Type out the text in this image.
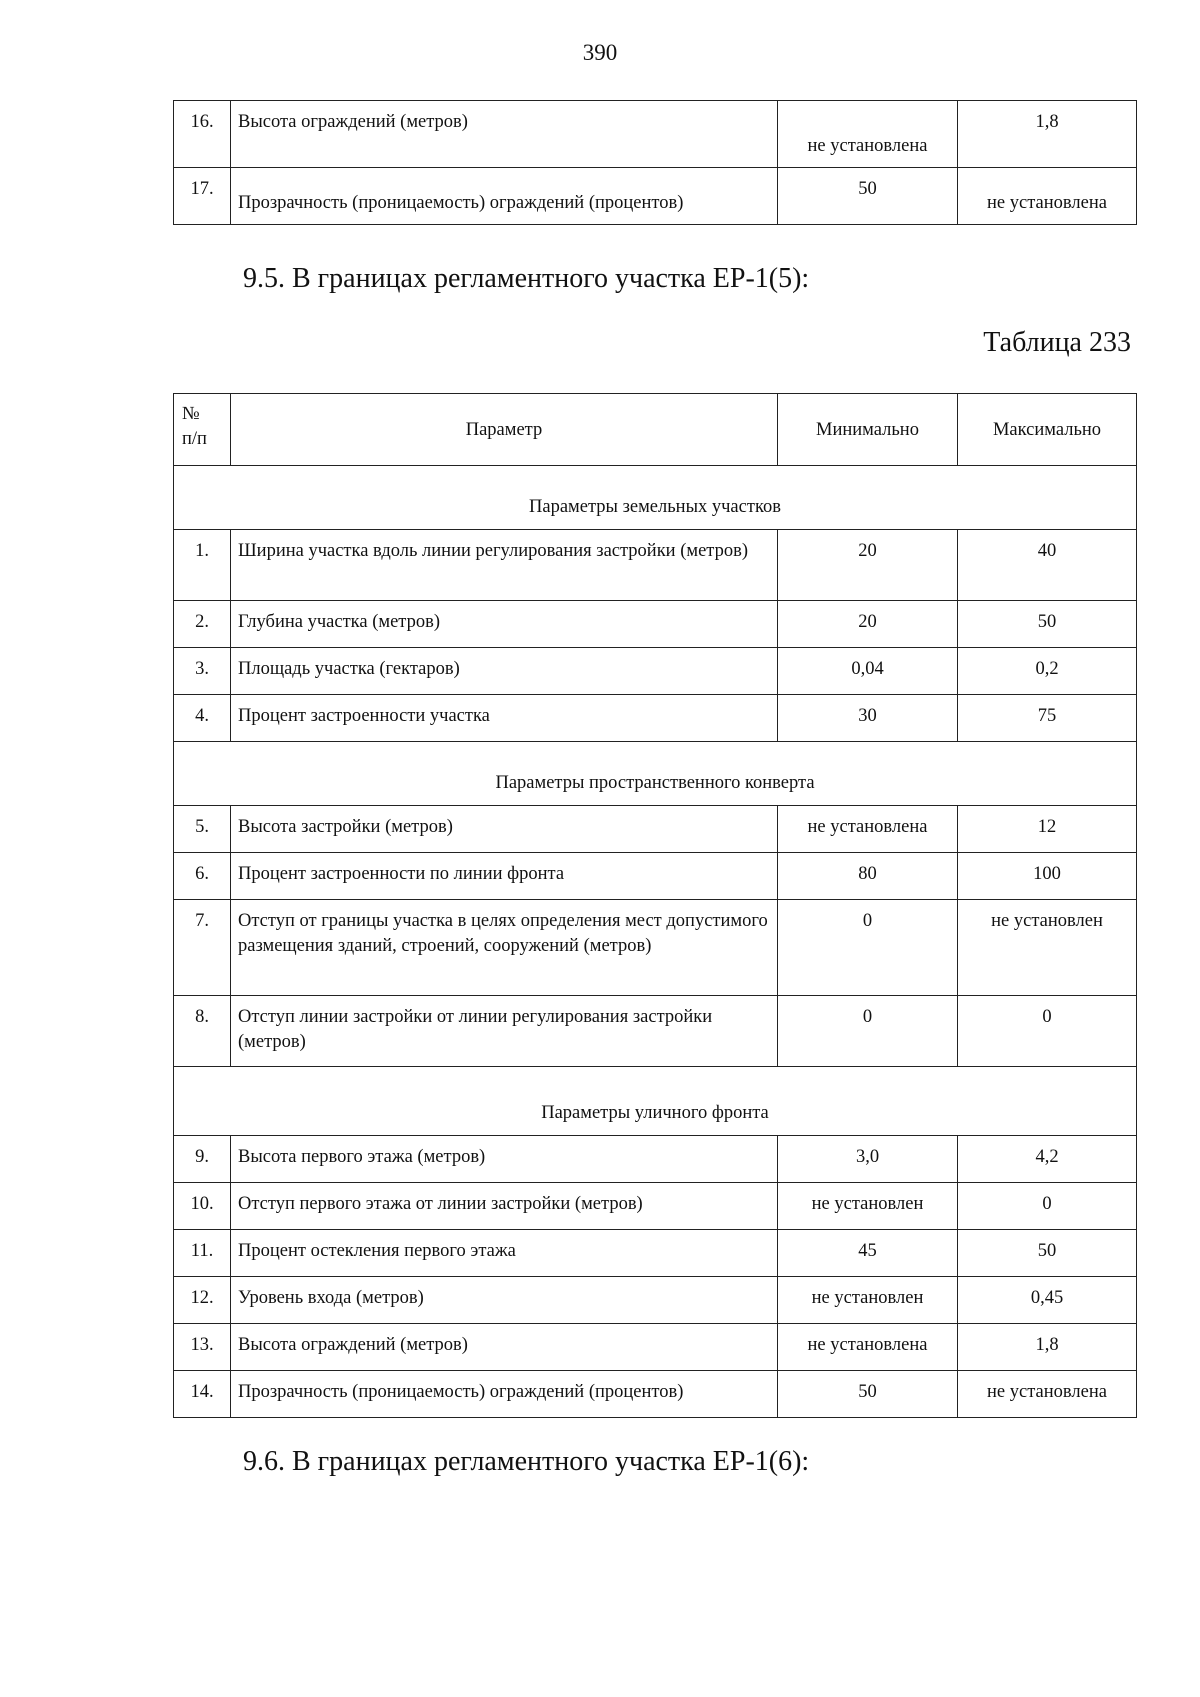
390
16.	Высота ограждений (метров)	не установлена	1,8
17.	Прозрачность (проницаемость) ограждений (процентов)	50	не установлена
9.5. В границах регламентного участка ЕР-1(5):
Таблица 233
№
п/п	Параметр	Минимально	Максимально
Параметры земельных участков			
1.	Ширина участка вдоль линии регулирования застройки (метров)	20	40
2.	Глубина участка (метров)	20	50
3.	Площадь участка (гектаров)	0,04	0,2
4.	Процент застроенности участка	30	75
Параметры пространственного конверта			
5.	Высота застройки (метров)	не установлена	12
6.	Процент застроенности по линии фронта	80	100
7.	Отступ от границы участка в целях определения мест допустимого размещения зданий, строений, сооружений (метров)	0	не установлен
8.	Отступ линии застройки от линии регулирования застройки (метров)	0	0
Параметры уличного фронта			
9.	Высота первого этажа (метров)	3,0	4,2
10.	Отступ первого этажа от линии застройки (метров)	не установлен	0
11.	Процент остекления первого этажа	45	50
12.	Уровень входа (метров)	не установлен	0,45
13.	Высота ограждений (метров)	не установлена	1,8
14.	Прозрачность (проницаемость) ограждений (процентов)	50	не установлена
9.6. В границах регламентного участка ЕР-1(6):
